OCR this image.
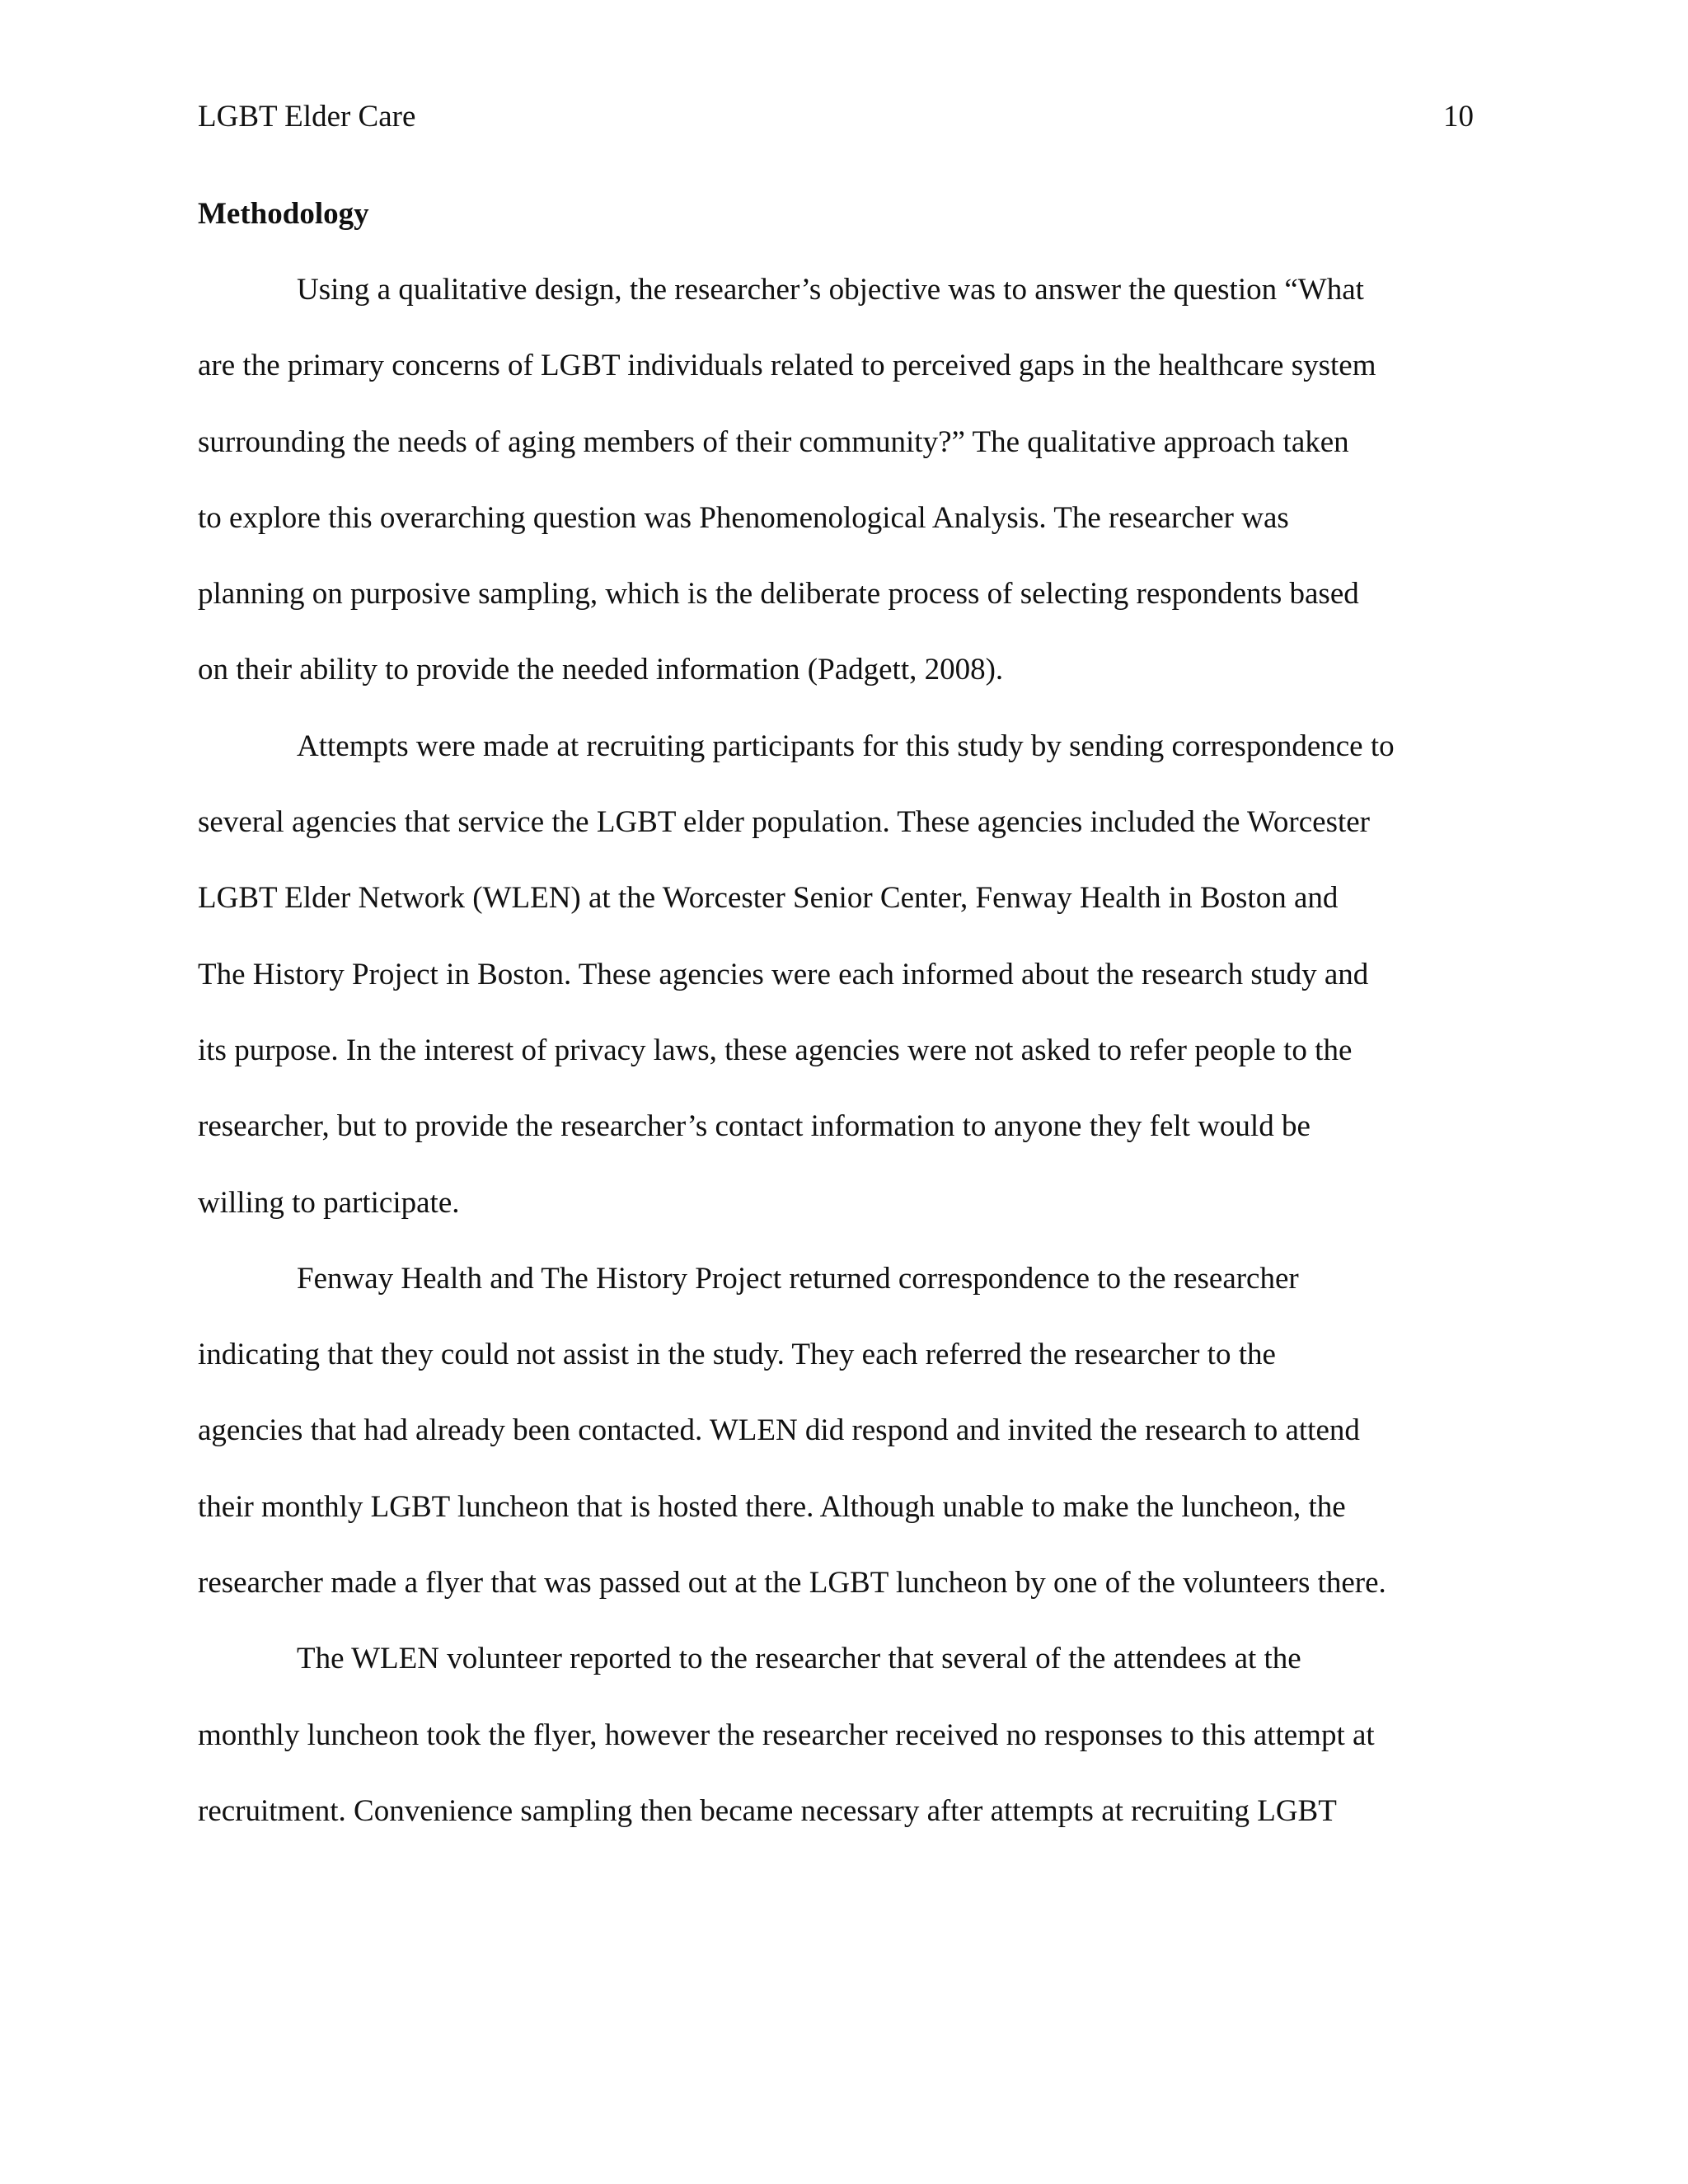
LGBT Elder Care	10
Methodology
Using a qualitative design, the researcher’s objective was to answer the question “What
are the primary concerns of LGBT individuals related to perceived gaps in the healthcare system
surrounding the needs of aging members of their community?” The qualitative approach taken
to explore this overarching question was Phenomenological Analysis. The researcher was
planning on purposive sampling, which is the deliberate process of selecting respondents based
on their ability to provide the needed information (Padgett, 2008).
Attempts were made at recruiting participants for this study by sending correspondence to
several agencies that service the LGBT elder population. These agencies included the Worcester
LGBT Elder Network (WLEN) at the Worcester Senior Center, Fenway Health in Boston and
The History Project in Boston. These agencies were each informed about the research study and
its purpose. In the interest of privacy laws, these agencies were not asked to refer people to the
researcher, but to provide the researcher’s contact information to anyone they felt would be
willing to participate.
Fenway Health and The History Project returned correspondence to the researcher
indicating that they could not assist in the study. They each referred the researcher to the
agencies that had already been contacted. WLEN did respond and invited the research to attend
their monthly LGBT luncheon that is hosted there. Although unable to make the luncheon, the
researcher made a flyer that was passed out at the LGBT luncheon by one of the volunteers there.
The WLEN volunteer reported to the researcher that several of the attendees at the
monthly luncheon took the flyer, however the researcher received no responses to this attempt at
recruitment. Convenience sampling then became necessary after attempts at recruiting LGBT
